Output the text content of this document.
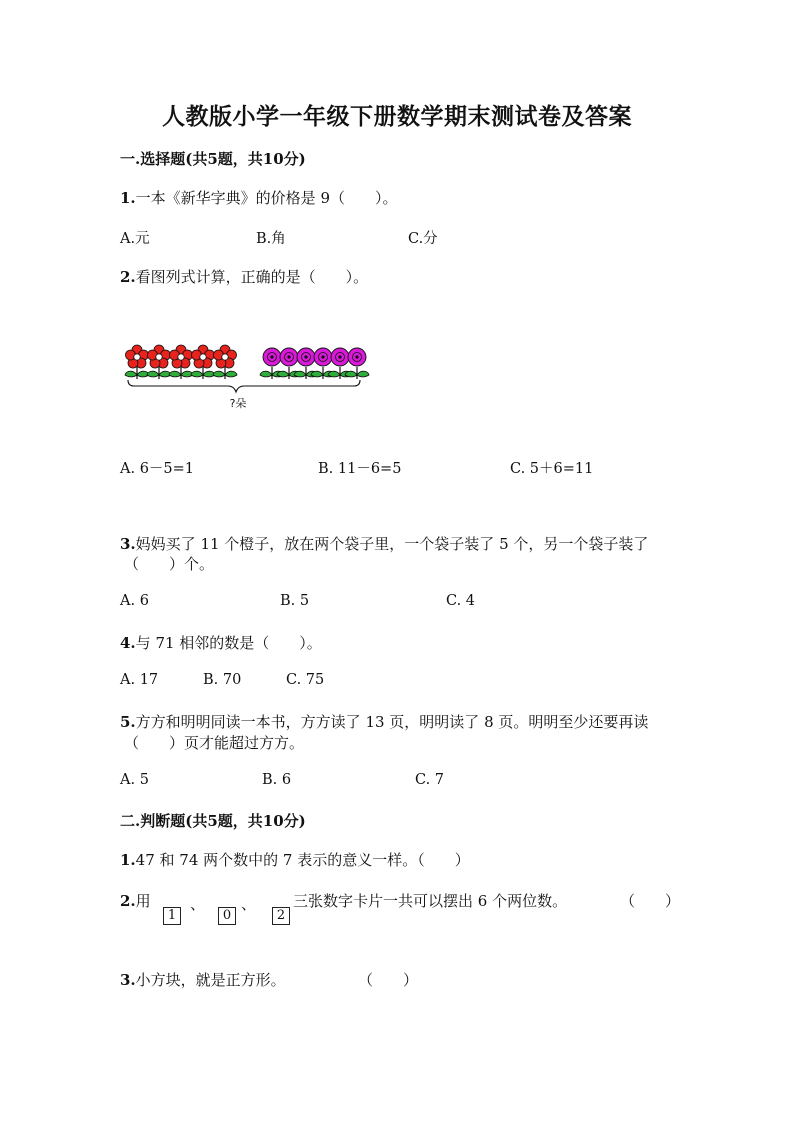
人教版小学一年级下册数学期末测试卷及答案
一.选择题(共5题，共10分)
1.一本《新华字典》的价格是 9（　　）。
A.元	B.角	C.分
2.看图列式计算，正确的是（　　）。
?朵
A. 6－5=1	B. 11－6=5	C. 5＋6=11
3.妈妈买了 11 个橙子，放在两个袋子里，一个袋子装了 5 个，另一个袋子装了
（　　）个。
A. 6	B. 5	C. 4
4.与 71 相邻的数是（　　）。
A. 17	B. 70	C. 75
5.方方和明明同读一本书，方方读了 13 页，明明读了 8 页。明明至少还要再读
（　　）页才能超过方方。
A. 5	B. 6	C. 7
二.判断题(共5题，共10分)
1.47 和 74 两个数中的 7 表示的意义一样。（　　）
2.用
1
、
0
、
2
三张数字卡片一共可以摆出 6 个两位数。	（　　）
3.小方块，就是正方形。	（　　）
